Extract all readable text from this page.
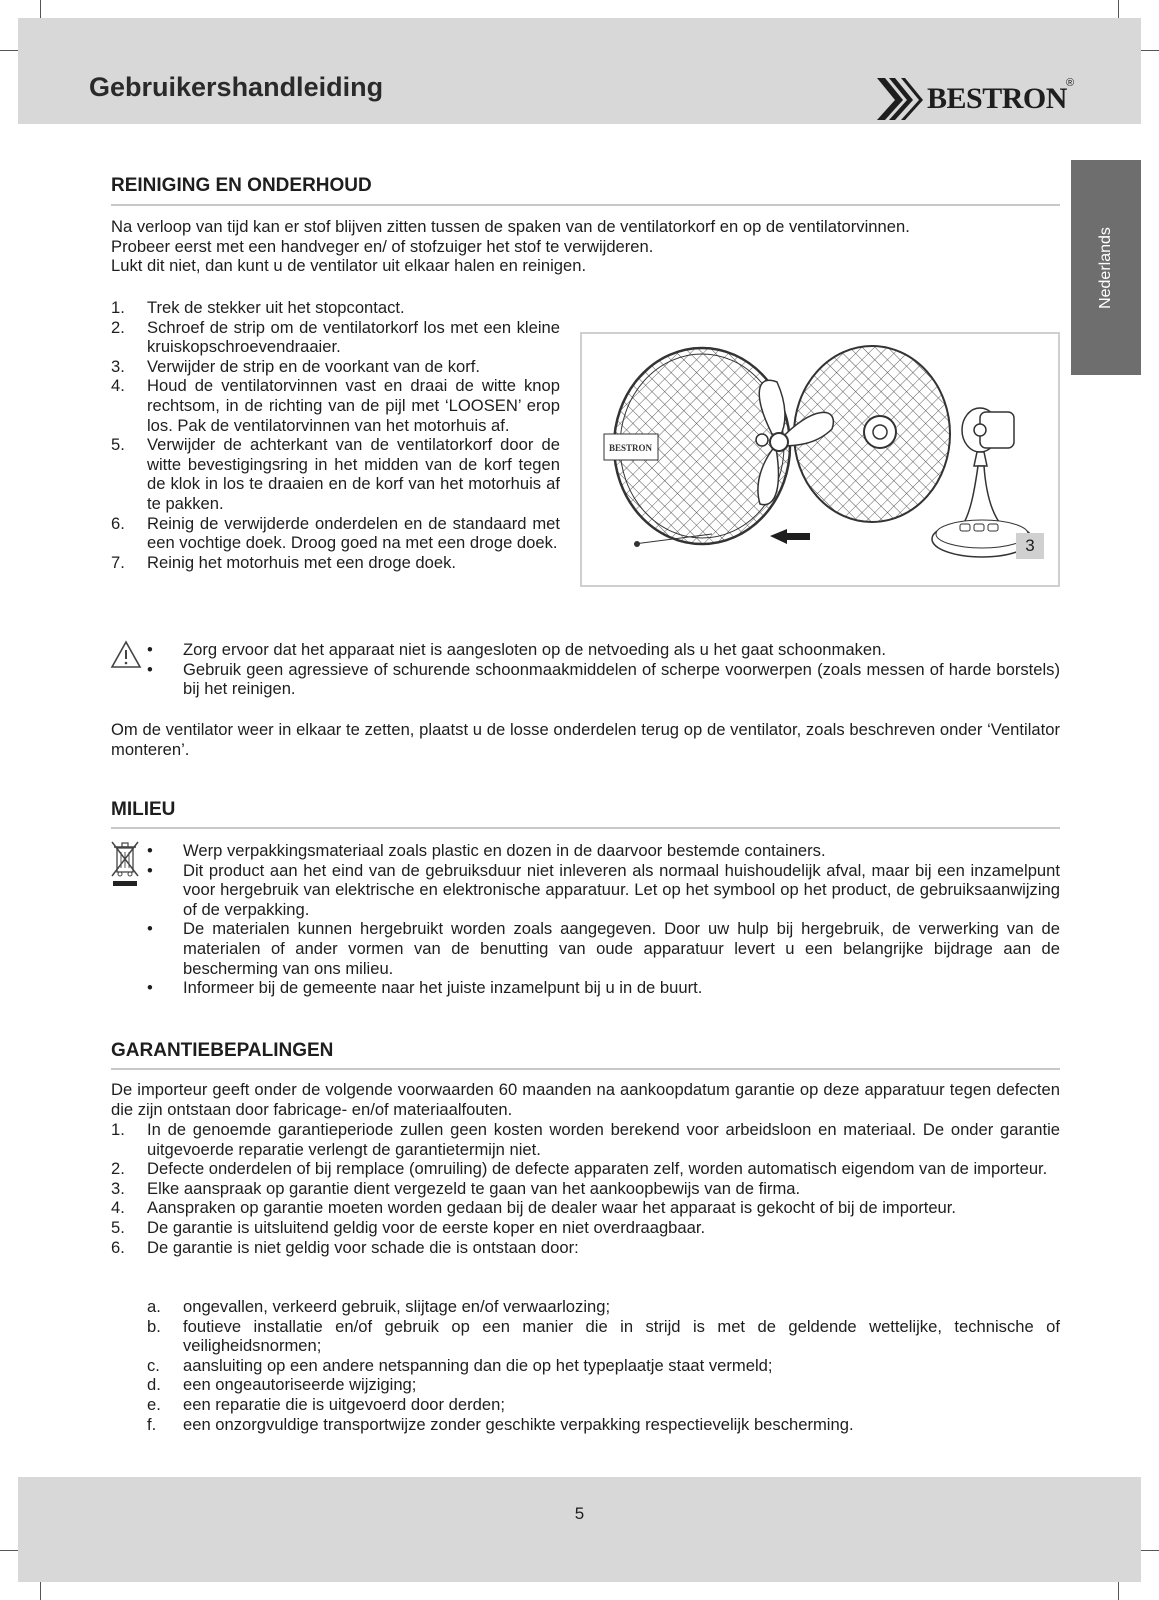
Gebruikershandleiding	BESTRON ®
Nederlands
REINIGING EN ONDERHOUD

Na verloop van tijd kan er stof blijven zitten tussen de spaken van de ventilatorkorf en op de ventilatorvinnen.

Probeer eerst met een handveger en/ of stofzuiger het stof te verwijderen.

Lukt dit niet, dan kunt u de ventilator uit elkaar halen en reinigen.

1. Trek de stekker uit het stopcontact.
2. Schroef de strip om de ventilatorkorf los met een kleine kruiskopschroevendraaier.
3. Verwijder de strip en de voorkant van de korf.
4. Houd de ventilatorvinnen vast en draai de witte knop rechtsom, in de richting van de pijl met ‘LOOSEN’ erop los. Pak de ventilatorvinnen van het motorhuis af.
5. Verwijder de achterkant van de ventilatorkorf door de witte bevestigingsring in het midden van de korf tegen de klok in los te draaien en de korf van het motorhuis af te pakken.
6. Reinig de verwijderde onderdelen en de standaard met een vochtige doek. Droog goed na met een droge doek.
7. Reinig het motorhuis met een droge doek.
BESTRON
3
• Zorg ervoor dat het apparaat niet is aangesloten op de netvoeding als u het gaat schoonmaken.
• Gebruik geen agressieve of schurende schoonmaakmiddelen of scherpe voorwerpen (zoals messen of harde borstels) bij het reinigen.
Om de ventilator weer in elkaar te zetten, plaatst u de losse onderdelen terug op de ventilator, zoals beschreven onder ‘Ventilator monteren’.
MILIEU
• Werp verpakkingsmateriaal zoals plastic en dozen in de daarvoor bestemde containers.
• Dit product aan het eind van de gebruiksduur niet inleveren als normaal huishoudelijk afval, maar bij een inzamelpunt voor hergebruik van elektrische en elektronische apparatuur. Let op het symbool op het product, de gebruiksaanwijzing of de verpakking.
• De materialen kunnen hergebruikt worden zoals aangegeven. Door uw hulp bij hergebruik, de verwerking van de materialen of ander vormen van de benutting van oude apparatuur levert u een belangrijke bijdrage aan de bescherming van ons milieu.
• Informeer bij de gemeente naar het juiste inzamelpunt bij u in de buurt.
GARANTIEBEPALINGEN
De importeur geeft onder de volgende voorwaarden 60 maanden na aankoopdatum garantie op deze apparatuur tegen defecten die zijn ontstaan door fabricage- en/of materiaalfouten.
1. In de genoemde garantieperiode zullen geen kosten worden berekend voor arbeidsloon en materiaal. De onder garantie uitgevoerde reparatie verlengt de garantietermijn niet.
2. Defecte onderdelen of bij remplace (omruiling) de defecte apparaten zelf, worden automatisch eigendom van de importeur.
3. Elke aanspraak op garantie dient vergezeld te gaan van het aankoopbewijs van de firma.
4. Aanspraken op garantie moeten worden gedaan bij de dealer waar het apparaat is gekocht of bij de importeur.
5. De garantie is uitsluitend geldig voor de eerste koper en niet overdraagbaar.
6. De garantie is niet geldig voor schade die is ontstaan door:
a. ongevallen, verkeerd gebruik, slijtage en/of verwaarlozing;
b. foutieve installatie en/of gebruik op een manier die in strijd is met de geldende wettelijke, technische of veiligheidsnormen;
c. aansluiting op een andere netspanning dan die op het typeplaatje staat vermeld;
d. een ongeautoriseerde wijziging;
e. een reparatie die is uitgevoerd door derden;
f. een onzorgvuldige transportwijze zonder geschikte verpakking respectievelijk bescherming.
5
